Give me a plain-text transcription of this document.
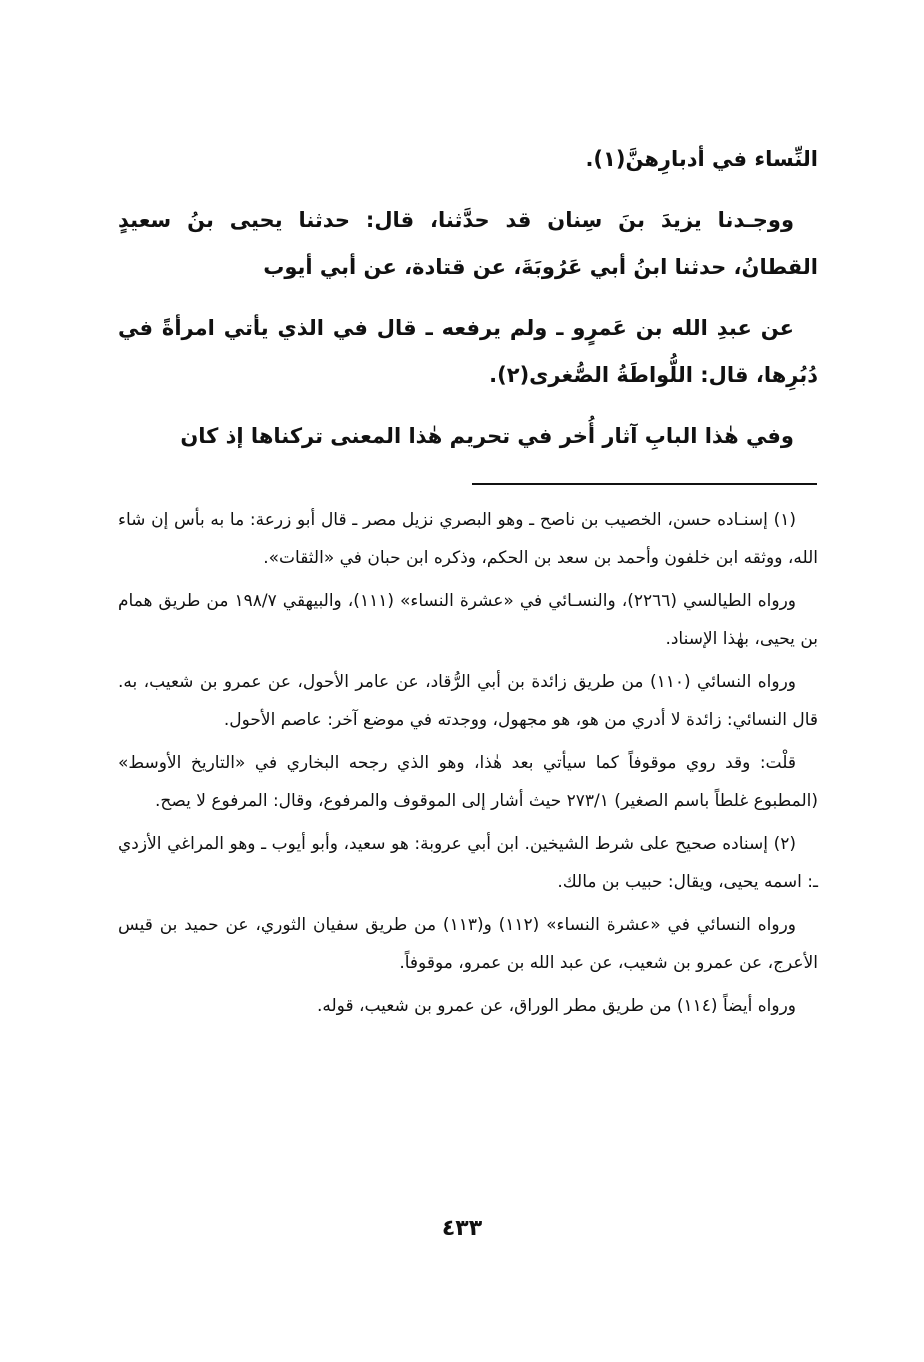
النِّساء في أدبارِهنَّ(١).

ووجـدنا يزيدَ بنَ سِنان قد حدَّثنا، قال: حدثنا يحيى بنُ سعيدٍ القطانُ، حدثنا ابنُ أبي عَرُوبَةَ، عن قتادة، عن أبي أيوب

عن عبدِ الله بن عَمرٍو ـ ولم يرفعه ـ قال في الذي يأتي امرأةً في دُبُرِها، قال: اللُّواطَةُ الصُّغرى(٢).

وفي هٰذا البابِ آثار أُخر في تحريم هٰذا المعنى تركناها إذ كان

(١) إسنـاده حسن، الخصيب بن ناصح ـ وهو البصري نزيل مصر ـ قال أبو زرعة: ما به بأس إن شاء الله، ووثقه ابن خلفون وأحمد بن سعد بن الحكم، وذكره ابن حبان في «الثقات».

ورواه الطيالسي (٢٢٦٦)، والنسـائي في «عشرة النساء» (١١١)، والبيهقي ١٩٨/٧ من طريق همام بن يحيى، بهٰذا الإسناد.

ورواه النسائي (١١٠) من طريق زائدة بن أبي الرُّقاد، عن عامر الأحول، عن عمرو بن شعيب، به. قال النسائي: زائدة لا أدري من هو، هو مجهول، ووجدته في موضع آخر: عاصم الأحول.

قلْت: وقد روي موقوفاً كما سيأتي بعد هٰذا، وهو الذي رجحه البخاري في «التاريخ الأوسط» (المطبوع غلطاً باسم الصغير) ٢٧٣/١ حيث أشار إلى الموقوف والمرفوع، وقال: المرفوع لا يصح.

(٢) إسناده صحيح على شرط الشيخين. ابن أبي عروبة: هو سعيد، وأبو أيوب ـ وهو المراغي الأزدي ـ: اسمه يحيى، ويقال: حبيب بن مالك.

ورواه النسائي في «عشرة النساء» (١١٢) و(١١٣) من طريق سفيان الثوري، عن حميد بن قيس الأعرج، عن عمرو بن شعيب، عن عبد الله بن عمرو، موقوفاً.

ورواه أيضاً (١١٤) من طريق مطر الوراق، عن عمرو بن شعيب، قوله.

٤٣٣
